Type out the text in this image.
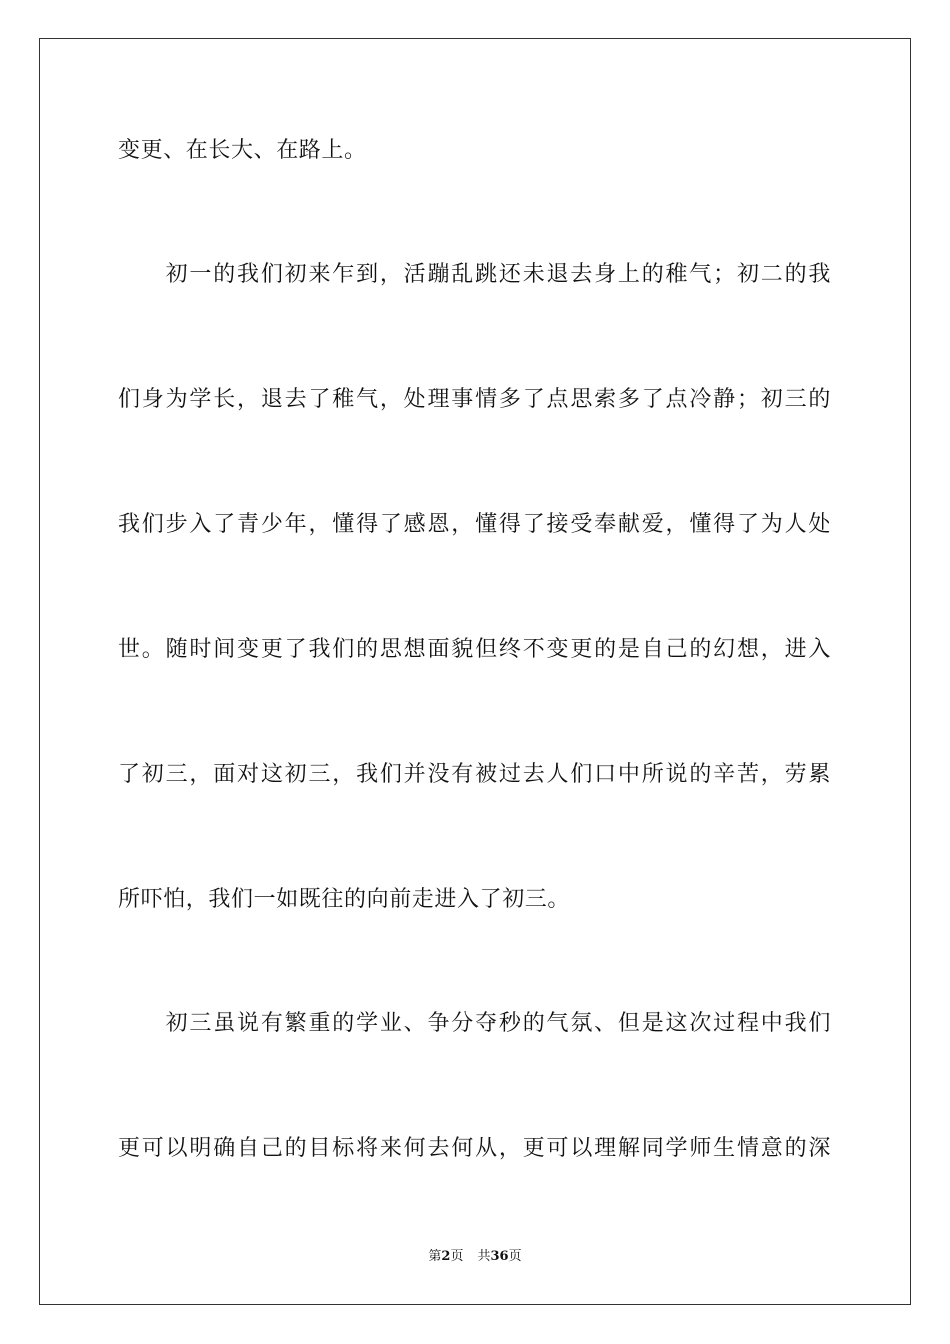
变更、在长大、在路上。
　　初一的我们初来乍到，活蹦乱跳还未退去身上的稚气；初二的我
们身为学长，退去了稚气，处理事情多了点思索多了点冷静；初三的
我们步入了青少年，懂得了感恩，懂得了接受奉献爱，懂得了为人处
世。随时间变更了我们的思想面貌但终不变更的是自己的幻想，进入
了初三，面对这初三，我们并没有被过去人们口中所说的辛苦，劳累
所吓怕，我们一如既往的向前走进入了初三。
　　初三虽说有繁重的学业、争分夺秒的气氛、但是这次过程中我们
更可以明确自己的目标将来何去何从，更可以理解同学师生情意的深
第2页 共36页
